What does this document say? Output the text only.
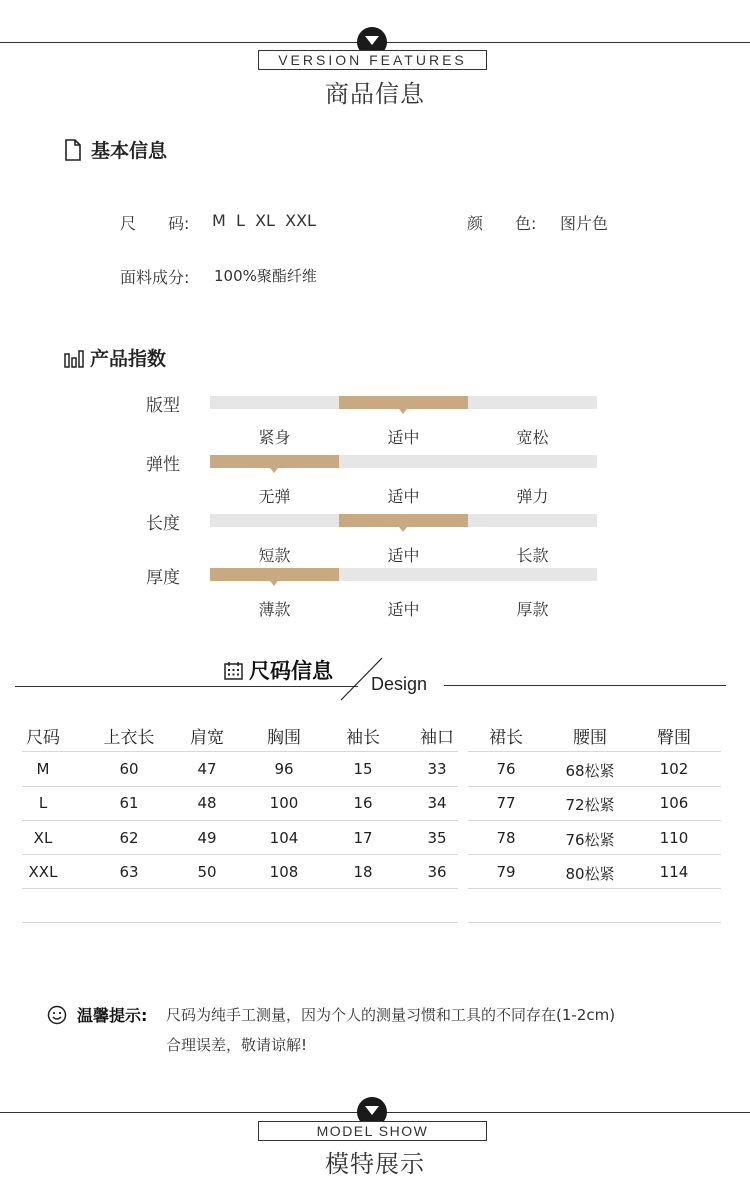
VERSION FEATURES
商品信息
基本信息
尺　　码: M  L  XL  XXL	颜　　色: 图片色
面料成分: 100%聚酯纤维
产品指数
版型
紧身	适中	宽松
弹性
无弹	适中	弹力
长度
短款	适中	长款
厚度
薄款	适中	厚款
尺码信息
Design
尺码	上衣长	肩宽	胸围	袖长	袖口	裙长	腰围	臀围
M	60	47	96	15	33	76	68松紧	102
L	61	48	100	16	34	77	72松紧	106
XL	62	49	104	17	35	78	76松紧	110
XXL	63	50	108	18	36	79	80松紧	114
温馨提示: 尺码为纯手工测量，因为个人的测量习惯和工具的不同存在(1-2cm)
合理误差，敬请谅解!
MODEL SHOW
模特展示
